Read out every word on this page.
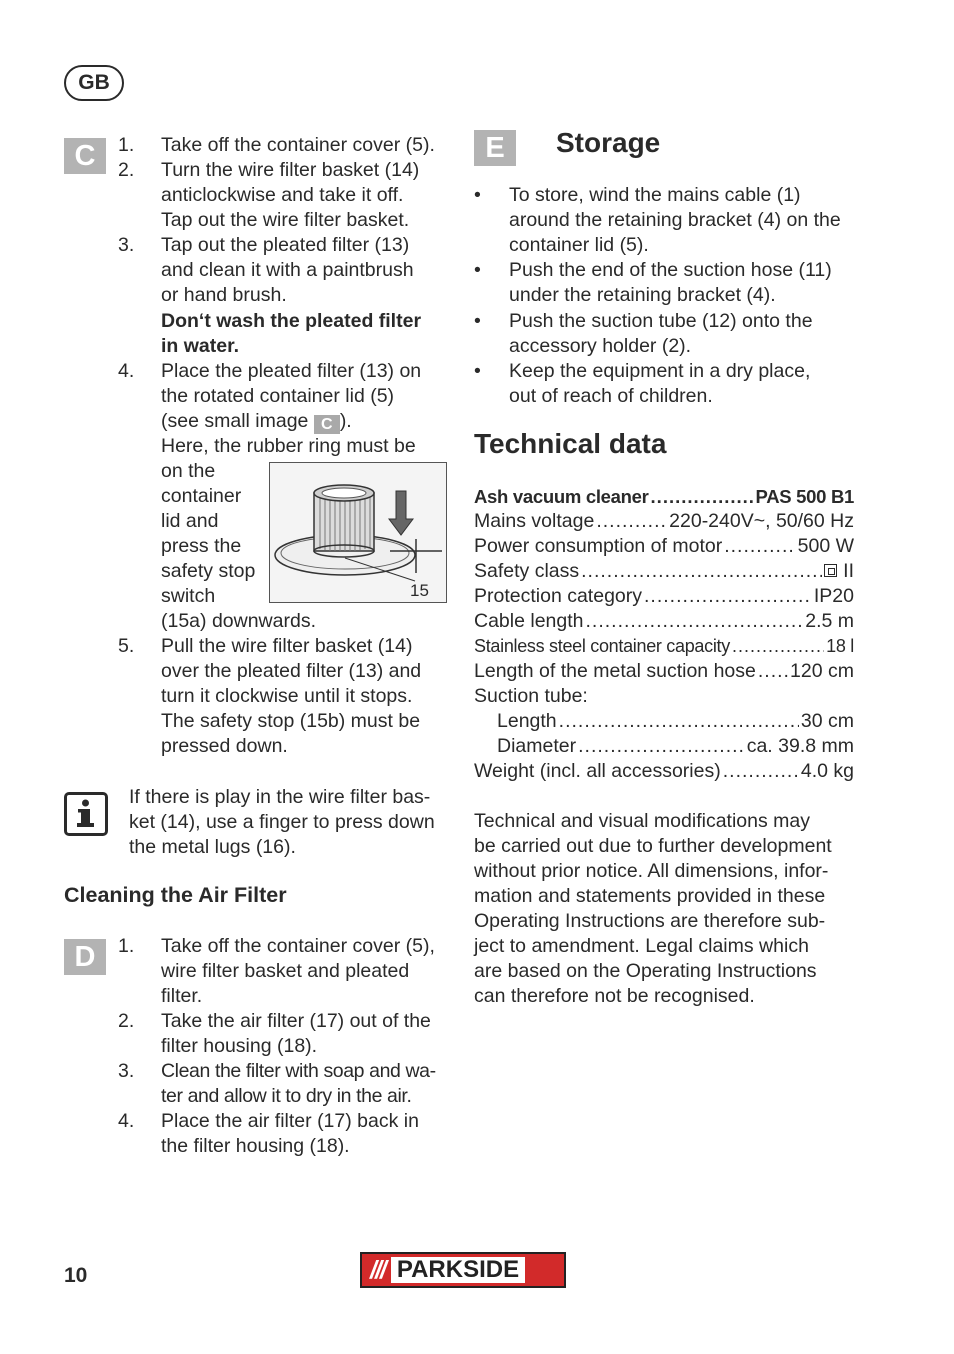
GB
C	1. Take off the container cover (5).
2. Turn the wire filter basket (14)
anticlockwise and take it off.
Tap out the wire filter basket.
3. Tap out the pleated filter (13)
and clean it with a paintbrush
or hand brush.
Don‘t wash the pleated filter
in water.
4. Place the pleated filter (13) on
the rotated container lid (5)
(see small image C ).
Here, the rubber ring must be
on the
container
lid and
press the
safety stop
switch
(15a) downwards.
5. Pull the wire filter basket (14)
over the pleated filter (13) and
turn it clockwise until it stops.
The safety stop (15b) must be
pressed down.
15
If there is play in the wire filter bas-
ket (14), use a finger to press down
the metal lugs (16).
Cleaning the Air Filter
D	1. Take off the container cover (5),
wire filter basket and pleated
filter.
2. Take the air filter (17) out of the
filter housing (18).
3. Clean the filter with soap and wa-
ter and allow it to dry in the air.
4. Place the air filter (17) back in
the filter housing (18).
E	Storage
• To store, wind the mains cable (1)
around the retaining bracket (4) on the
container lid (5).
• Push the end of the suction hose (11)
under the retaining bracket (4).
• Push the suction tube (12) onto the
accessory holder (2).
• Keep the equipment in a dry place,
out of reach of children.
Technical data
Ash vacuum cleaner .....	PAS 500 B1
Mains voltage .....	220-240V~, 50/60 Hz
Power consumption of motor .....	500 W
Safety class .....	II
Protection category .....	IP20
Cable length .....	2.5 m
Stainless steel container capacity .....	18 l
Length of the metal suction hose ..... 120 cm
Suction tube:
Length .....	30 cm
Diameter .....	ca. 39.8 mm
Weight (incl. all accessories) .....	4.0 kg
Technical and visual modifications may
be carried out due to further development
without prior notice. All dimensions, infor-
mation and statements provided in these
Operating Instructions are therefore sub-
ject to amendment. Legal claims which
are based on the Operating Instructions
can therefore not be recognised.
10	/// PARKSIDE
